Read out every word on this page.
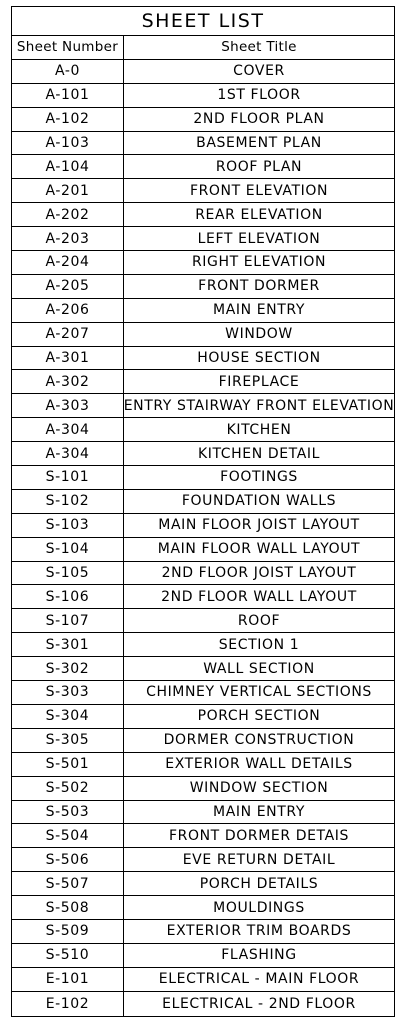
SHEET LIST
Sheet Number	Sheet Title
A-0	COVER
A-101	1ST FLOOR
A-102	2ND FLOOR PLAN
A-103	BASEMENT PLAN
A-104	ROOF PLAN
A-201	FRONT ELEVATION
A-202	REAR ELEVATION
A-203	LEFT ELEVATION
A-204	RIGHT ELEVATION
A-205	FRONT DORMER
A-206	MAIN ENTRY
A-207	WINDOW
A-301	HOUSE SECTION
A-302	FIREPLACE
A-303	ENTRY STAIRWAY FRONT ELEVATION
A-304	KITCHEN
A-304	KITCHEN DETAIL
S-101	FOOTINGS
S-102	FOUNDATION WALLS
S-103	MAIN FLOOR JOIST LAYOUT
S-104	MAIN FLOOR WALL LAYOUT
S-105	2ND FLOOR JOIST LAYOUT
S-106	2ND FLOOR WALL LAYOUT
S-107	ROOF
S-301	SECTION 1
S-302	WALL SECTION
S-303	CHIMNEY VERTICAL SECTIONS
S-304	PORCH SECTION
S-305	DORMER CONSTRUCTION
S-501	EXTERIOR WALL DETAILS
S-502	WINDOW SECTION
S-503	MAIN ENTRY
S-504	FRONT DORMER DETAIS
S-506	EVE RETURN DETAIL
S-507	PORCH DETAILS
S-508	MOULDINGS
S-509	EXTERIOR TRIM BOARDS
S-510	FLASHING
E-101	ELECTRICAL - MAIN FLOOR
E-102	ELECTRICAL - 2ND FLOOR
